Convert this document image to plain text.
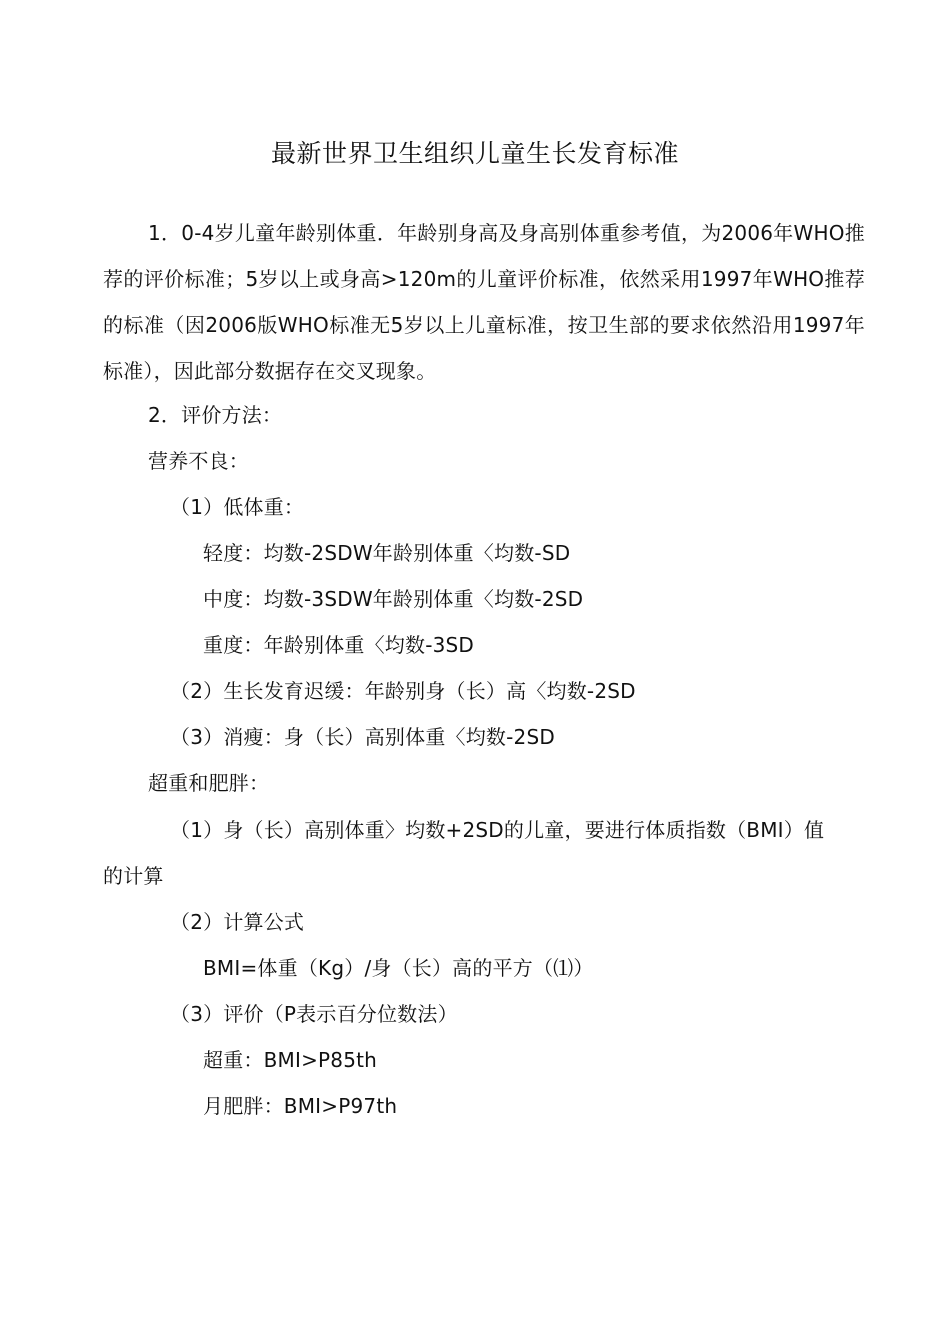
最新世界卫生组织儿童生长发育标准

1．0-4岁儿童年龄别体重．年龄别身高及身高别体重参考值，为2006年WHO推荐的评价标准；5岁以上或身高>120m的儿童评价标准，依然采用1997年WHO推荐的标准（因2006版WHO标准无5岁以上儿童标准，按卫生部的要求依然沿用1997年标准），因此部分数据存在交叉现象。

2．评价方法：

营养不良：

（1）低体重：

轻度：均数-2SDW年龄别体重〈均数-SD

中度：均数-3SDW年龄别体重〈均数-2SD

重度：年龄别体重〈均数-3SD

（2）生长发育迟缓：年龄别身（长）高〈均数-2SD

（3）消瘦：身（长）高别体重〈均数-2SD

超重和肥胖：

（1）身（长）高别体重〉均数+2SD的儿童，要进行体质指数（BMI）值

的计算

（2）计算公式

BMI=体重（Kg）/身（长）高的平方（⑴）

（3）评价（P表示百分位数法）

超重：BMI>P85th

月肥胖：BMI>P97th
